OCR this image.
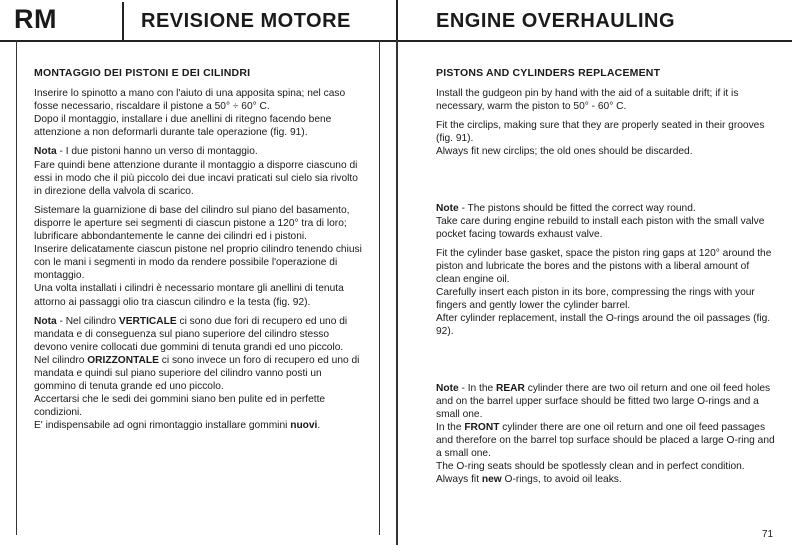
RM	REVISIONE MOTORE	ENGINE OVERHAULING

MONTAGGIO DEI PISTONI E DEI CILINDRI

Inserire lo spinotto a mano con l'aiuto di una apposita spina; nel caso fosse necessario, riscaldare il pistone a 50° ÷ 60° C.

Dopo il montaggio, installare i due anellini di ritegno facendo bene attenzione a non deformarli durante tale operazione (fig. 91).

Nota - I due pistoni hanno un verso di montaggio.

Fare quindi bene attenzione durante il montaggio a disporre ciascuno di essi in modo che il più piccolo dei due incavi praticati sul cielo sia rivolto in direzione della valvola di scarico.

Sistemare la guarnizione di base del cilindro sul piano del basamento, disporre le aperture sei segmenti di ciascun pistone a 120° tra di loro; lubrificare abbondantemente le canne dei cilindri ed i pistoni.

Inserire delicatamente ciascun pistone nel proprio cilindro tenendo chiusi con le mani i segmenti in modo da rendere possibile l'operazione di montaggio.

Una volta installati i cilindri è necessario montare gli anellini di tenuta attorno ai passaggi olio tra ciascun cilindro e la testa (fig. 92).

Nota - Nel cilindro VERTICALE ci sono due fori di recupero ed uno di mandata e di conseguenza sul piano superiore del cilindro stesso devono venire collocati due gommini di tenuta grandi ed uno piccolo.

Nel cilindro ORIZZONTALE ci sono invece un foro di recupero ed uno di mandata e quindi sul piano superiore del cilindro vanno posti un gommino di tenuta grande ed uno piccolo.

Accertarsi che le sedi dei gommini siano ben pulite ed in perfette condizioni.

E' indispensabile ad ogni rimontaggio installare gommini nuovi.

PISTONS AND CYLINDERS REPLACEMENT

Install the gudgeon pin by hand with the aid of a suitable drift; if it is necessary, warm the piston to 50° - 60° C.

Fit the circlips, making sure that they are properly seated in their grooves (fig. 91).

Always fit new circlips; the old ones should be discarded.

Note - The pistons should be fitted the correct way round.

Take care during engine rebuild to install each piston with the small valve pocket facing towards exhaust valve.

Fit the cylinder base gasket, space the piston ring gaps at 120° around the piston and lubricate the bores and the pistons with a liberal amount of clean engine oil.

Carefully insert each piston in its bore, compressing the rings with your fingers and gently lower the cylinder barrel.

After cylinder replacement, install the O-rings around the oil passages (fig. 92).

Note - In the REAR cylinder there are two oil return and one oil feed holes and on the barrel upper surface should be fitted two large O-rings and a small one.

In the FRONT cylinder there are one oil return and one oil feed passages and therefore on the barrel top surface should be placed a large O-ring and a small one.

The O-ring seats should be spotlessly clean and in perfect condition.

Always fit new O-rings, to avoid oil leaks.

71
